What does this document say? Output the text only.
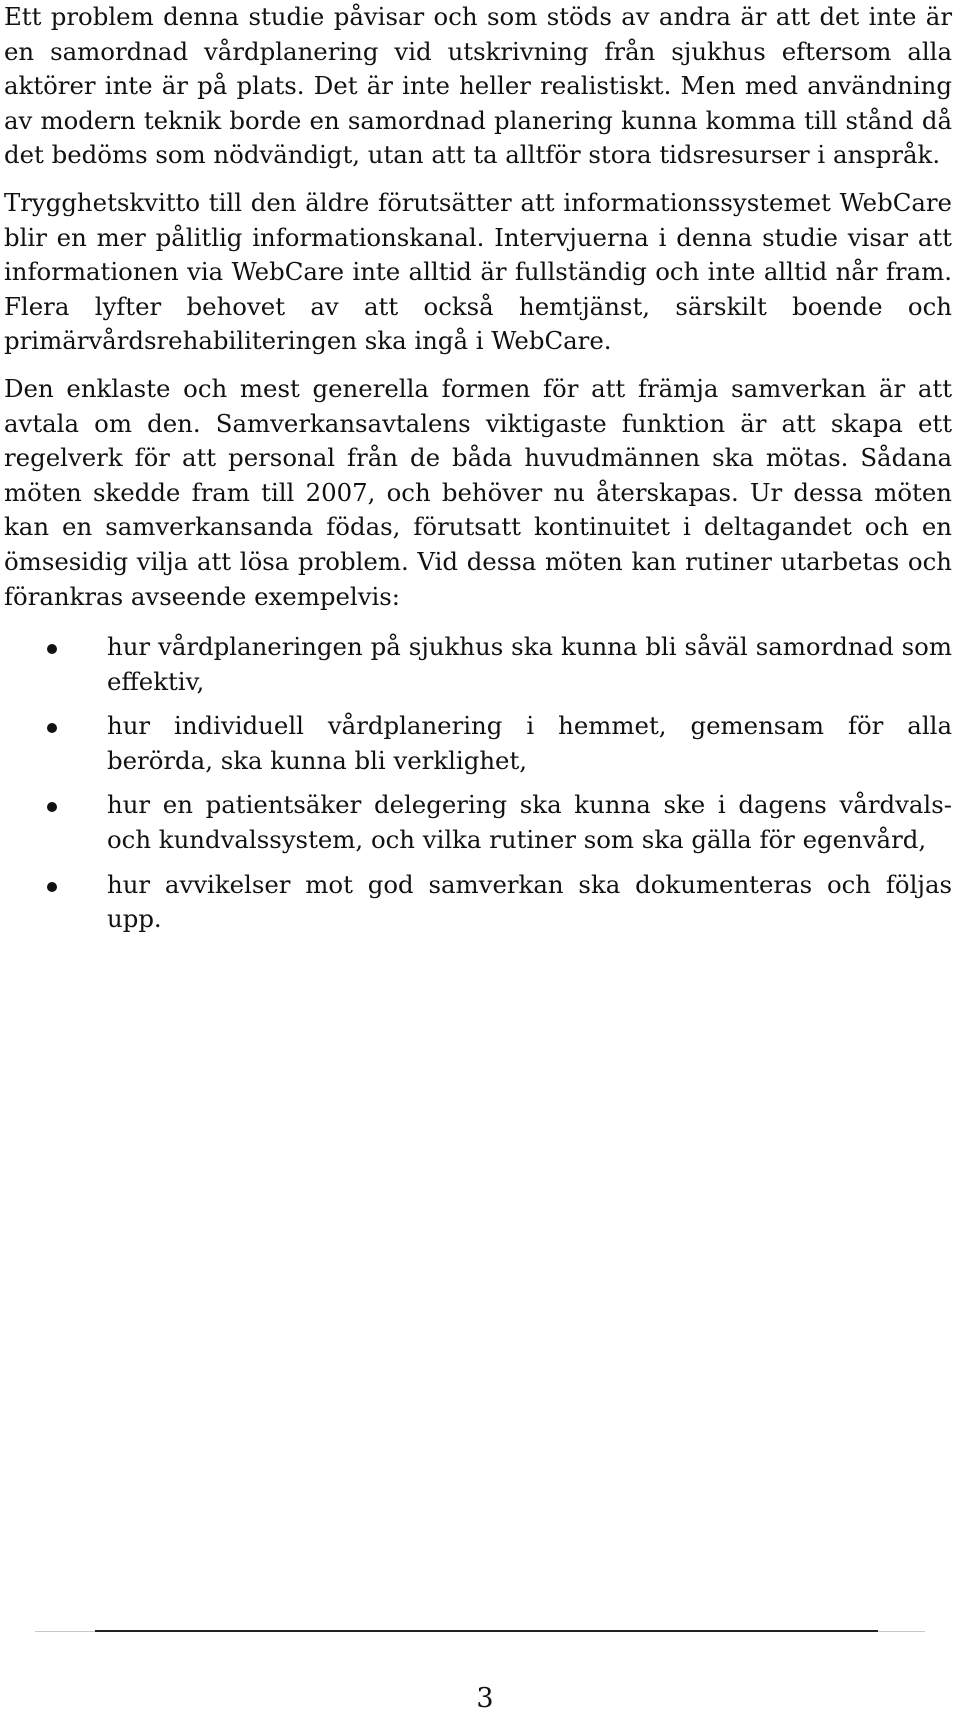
Ett problem denna studie påvisar och som stöds av andra är att det inte är en samordnad vårdplanering vid utskrivning från sjukhus eftersom alla aktörer inte är på plats. Det är inte heller realistiskt. Men med användning av modern teknik borde en samordnad planering kunna komma till stånd då det bedöms som nödvändigt, utan att ta alltför stora tidsresurser i anspråk.

Trygghetskvitto till den äldre förutsätter att informationssystemet WebCare blir en mer pålitlig informationskanal. Intervjuerna i denna studie visar att informationen via WebCare inte alltid är fullständig och inte alltid når fram. Flera lyfter behovet av att också hemtjänst, särskilt boende och primärvårdsrehabiliteringen ska ingå i WebCare.

Den enklaste och mest generella formen för att främja samverkan är att avtala om den. Samverkansavtalens viktigaste funktion är att skapa ett regelverk för att personal från de båda huvudmännen ska mötas. Sådana möten skedde fram till 2007, och behöver nu återskapas. Ur dessa möten kan en samverkansanda födas, förutsatt kontinuitet i deltagandet och en ömsesidig vilja att lösa problem. Vid dessa möten kan rutiner utarbetas och förankras avseende exempelvis:

hur vårdplaneringen på sjukhus ska kunna bli såväl samordnad som effektiv,
hur individuell vårdplanering i hemmet, gemensam för alla berörda, ska kunna bli verklighet,
hur en patientsäker delegering ska kunna ske i dagens vårdvals- och kundvalssystem, och vilka rutiner som ska gälla för egenvård,
hur avvikelser mot god samverkan ska dokumenteras och följas upp.
3
